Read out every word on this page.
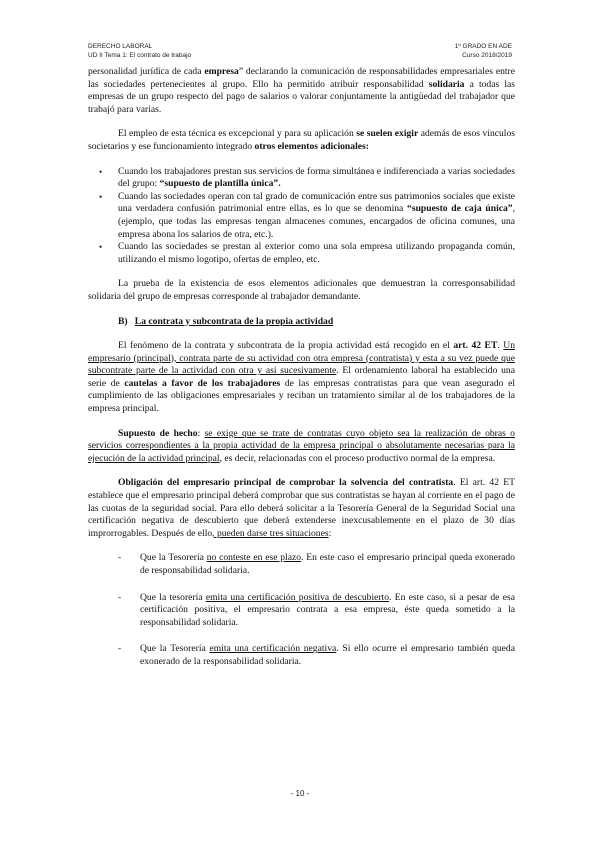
DERECHO LABORAL
UD II Tema 1: El contrato de trabajo
1º GRADO EN ADE
Curso 2018/2019

personalidad jurídica de cada empresa” declarando la comunicación de responsabilidades empresariales entre las sociedades pertenecientes al grupo. Ello ha permitido atribuir responsabilidad solidaria a todas las empresas de un grupo respecto del pago de salarios o valorar conjuntamente la antigüedad del trabajador que trabajó para varias.

El empleo de esta técnica es excepcional y para su aplicación se suelen exigir además de esos vínculos societarios y ese funcionamiento integrado otros elementos adicionales:

• Cuando los trabajadores prestan sus servicios de forma simultánea e indiferenciada a varias sociedades del grupo: “supuesto de plantilla única”.
• Cuando las sociedades operan con tal grado de comunicación entre sus patrimonios sociales que existe una verdadera confusión patrimonial entre ellas, es lo que se denomina “supuesto de caja única”, (ejemplo, que todas las empresas tengan almacenes comunes, encargados de oficina comunes, una empresa abona los salarios de otra, etc.).
• Cuando las sociedades se prestan al exterior como una sola empresa utilizando propaganda común, utilizando el mismo logotipo, ofertas de empleo, etc.

La prueba de la existencia de esos elementos adicionales que demuestran la corresponsabilidad solidaria del grupo de empresas corresponde al trabajador demandante.

B) La contrata y subcontrata de la propia actividad

El fenómeno de la contrata y subcontrata de la propia actividad está recogido en el art. 42 ET. Un empresario (principal), contrata parte de su actividad con otra empresa (contratista) y esta a su vez puede que subcontrate parte de la actividad con otra y así sucesivamente. El ordenamiento laboral ha establecido una serie de cautelas a favor de los trabajadores de las empresas contratistas para que vean asegurado el cumplimiento de las obligaciones empresariales y reciban un tratamiento similar al de los trabajadores de la empresa principal.

Supuesto de hecho: se exige que se trate de contratas cuyo objeto sea la realización de obras o servicios correspondientes a la propia actividad de la empresa principal o absolutamente necesarias para la ejecución de la actividad principal, es decir, relacionadas con el proceso productivo normal de la empresa.

Obligación del empresario principal de comprobar la solvencia del contratista. El art. 42 ET establece que el empresario principal deberá comprobar que sus contratistas se hayan al corriente en el pago de las cuotas de la seguridad social. Para ello deberá solicitar a la Tesorería General de la Seguridad Social una certificación negativa de descubierto que deberá extenderse inexcusablemente en el plazo de 30 días improrrogables. Después de ello, pueden darse tres situaciones:

- Que la Tesorería no conteste en ese plazo. En este caso el empresario principal queda exonerado de responsabilidad solidaria.
- Que la tesorería emita una certificación positiva de descubierto. En este caso, si a pesar de esa certificación positiva, el empresario contrata a esa empresa, éste queda sometido a la responsabilidad solidaria.
- Que la Tesorería emita una certificación negativa. Si ello ocurre el empresario también queda exonerado de la responsabilidad solidaria.
- 10 -
